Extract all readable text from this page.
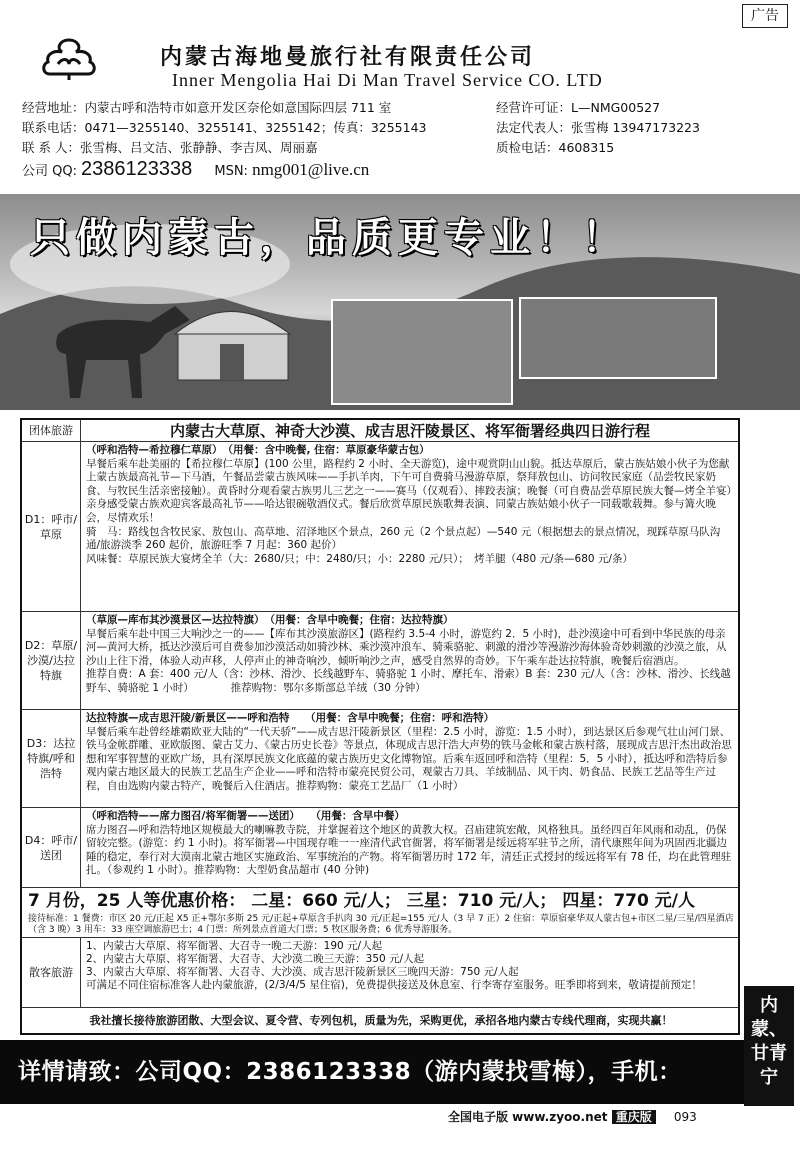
广告
内蒙古海地曼旅行社有限责任公司
Inner Mengolia Hai Di Man Travel Service CO. LTD
经营地址：内蒙古呼和浩特市如意开发区奈伦如意国际四层 711 室
联系电话：0471—3255140、3255141、3255142；传真：3255143
联 系 人：张雪梅、吕文洁、张静静、李吉凤、周丽嘉
经营许可证：L—NMG00527
法定代表人：张雪梅 13947173223
质检电话：4608315
公司 QQ: 2386123338 MSN: nmg001@live.cn
只做内蒙古，品质更专业！！
团体旅游	内蒙古大草原、神奇大沙漠、成吉思汗陵景区、将军衙署经典四日游行程
D1：呼市/草原

（呼和浩特—希拉穆仁草原）　（用餐：含中晚餐, 住宿：草原豪华蒙古包）

早餐后乘车赴美丽的【希拉穆仁草原】(100 公里，路程约 2 小时、全天游览)，途中观赏阴山山貌。抵达草原后，蒙古族姑娘小伙子为您献上蒙古族最高礼节—下马酒，午餐品尝蒙古族风味——手扒羊肉，下午可自费骑马漫游草原，祭拜敖包山、访问牧民家庭（品尝牧民家奶食、与牧民生活亲密接触）。黄昏时分观看蒙古族男儿三艺之一——赛马（仅观看）、摔跤表演；晚餐（可自费品尝草原民族大餐—烤全羊宴）亲身感受蒙古族欢迎宾客最高礼节——哈达银碗敬酒仪式。餐后欣赏草原民族歌舞表演、同蒙古族姑娘小伙子一同载歌载舞。参与篝火晚会，尽情欢乐！

骑　马：路线包含牧民家、敖包山、高草地、沼泽地区个景点，260 元（2 个景点起）—540 元（根据想去的景点情况，现踩草原马队沟通/旅游淡季 260 起价，旅游旺季 7 月起：360 起价）

风味餐：草原民族大宴烤全羊（大：2680/只；中：2480/只；小：2280 元/只）；　烤羊腿（480 元/条—680 元/条）

D2：草原/沙漠/达拉特旗

（草原—库布其沙漠景区—达拉特旗）　（用餐：含早中晚餐；住宿：达拉特旗）

早餐后乘车赴中国三大响沙之一的——【库布其沙漠旅游区】(路程约 3.5-4 小时，游览约 2．5 小时)，赴沙漠途中可看到中华民族的母亲河—黄河大桥，抵达沙漠后可自费参加沙漠活动如骑沙林、乘沙漠冲浪车、骑乘骆驼、刺激的滑沙等漫游沙海体验奇妙刺激的沙漠之旅，从沙山上往下滑，体验人动声移，人停声止的神奇响沙，倾听响沙之声，感受自然界的奇妙。下午乘车赴达拉特旗，晚餐后宿酒店。

推荐自费：A 套：400 元/人（含：沙林、滑沙、长线越野车、骑骆驼 1 小时、摩托车、滑索）B 套：230 元/人（含：沙林、滑沙、长线越野车、骑骆驼 1 小时）　　　　推荐购物：鄂尔多斯部总羊绒（30 分钟）

D3：达拉特旗/呼和浩特

达拉特旗—成吉思汗陵/新景区——呼和浩特　　（用餐：含早中晚餐；住宿：呼和浩特）

早餐后乘车赴曾经雄霸欧亚大陆的“一代天骄”——成吉思汗陵新景区（里程：2.5 小时，游览：1.5 小时），到达景区后参观气壮山河门景、铁马金帐群雕、亚欧版图、蒙古艾力、《蒙古历史长卷》等景点，体现成吉思汗浩大声势的铁马金帐和蒙古族村落，展现成吉思汗杰出政治思想和军事智慧的亚欧广场，具有深厚民族文化底蕴的蒙古族历史文化博物馆。后乘车返回呼和浩特（里程：5．5 小时），抵达呼和浩特后参观内蒙古地区最大的民族工艺品生产企业——呼和浩特市蒙亮民贸公司，观蒙古刀具、羊绒制品、风干肉、奶食品、民族工艺品等生产过程，自由选购内蒙古特产，晚餐后入住酒店。推荐购物：蒙亮工艺品厂（1 小时）

D4：呼市/送团

（呼和浩特——席力图召/将军衙署——送团）　　（用餐：含早中餐）

席力图召—呼和浩特地区规模最大的喇嘛教寺院，并掌握着这个地区的黄教大权。召庙建筑宏敞，风格独具。虽经四百年风雨和动乱，仍保留较完整。(游览：约 1 小时)。将军衙署—中国现存唯一一座清代武官衙署，将军衙署是绥远将军驻节之所，清代康熙年间为巩固西北疆边陲的稳定，奉行对大漠南北蒙古地区实施政治、军事统治的产物。将军衙署历时 172 年，清廷正式授封的绥远将军有 78 任，均在此管理驻扎。（参观约 1 小时）。推荐购物：大型奶食品超市 (40 分钟)

7 月份，25 人等优惠价格： 二星：660 元/人； 三星：710 元/人； 四星：770 元/人
接待标准：1 餐费：市区 20 元/正起 X5 正+鄂尔多斯 25 元/正起+草原含手扒肉 30 元/正起=155 元/人（3 早 7 正）2 住宿：草原宿豪华双人蒙古包+市区二星/三星/四星酒店（含 3 晚）3 用车：33 座空调旅游巴士；4 门票：所列景点首道大门票；5 牧区服务费；6 优秀导游服务。
散客旅游

1、内蒙古大草原、将军衙署、大召寺一晚二天游：190 元/人起

2、内蒙古大草原、将军衙署、大召寺、大沙漠二晚三天游：350 元/人起

3、内蒙古大草原、将军衙署、大召寺、大沙漠、成吉思汗陵新景区三晚四天游：750 元/人起

可满足不同住宿标准客人赴内蒙旅游，(2/3/4/5 星住宿)，免费提供接送及休息室、行李寄存室服务。旺季即将到来，敬请提前预定！

我社擅长接待旅游团散、大型会议、夏令营、专列包机，质量为先，采购更优，承招各地内蒙古专线代理商，实现共赢！
内蒙、甘青宁
详情请致：公司QQ：2386123338（游内蒙找雪梅），手机：13947173223
全国电子版 www.zyoo.net 重庆版 093
